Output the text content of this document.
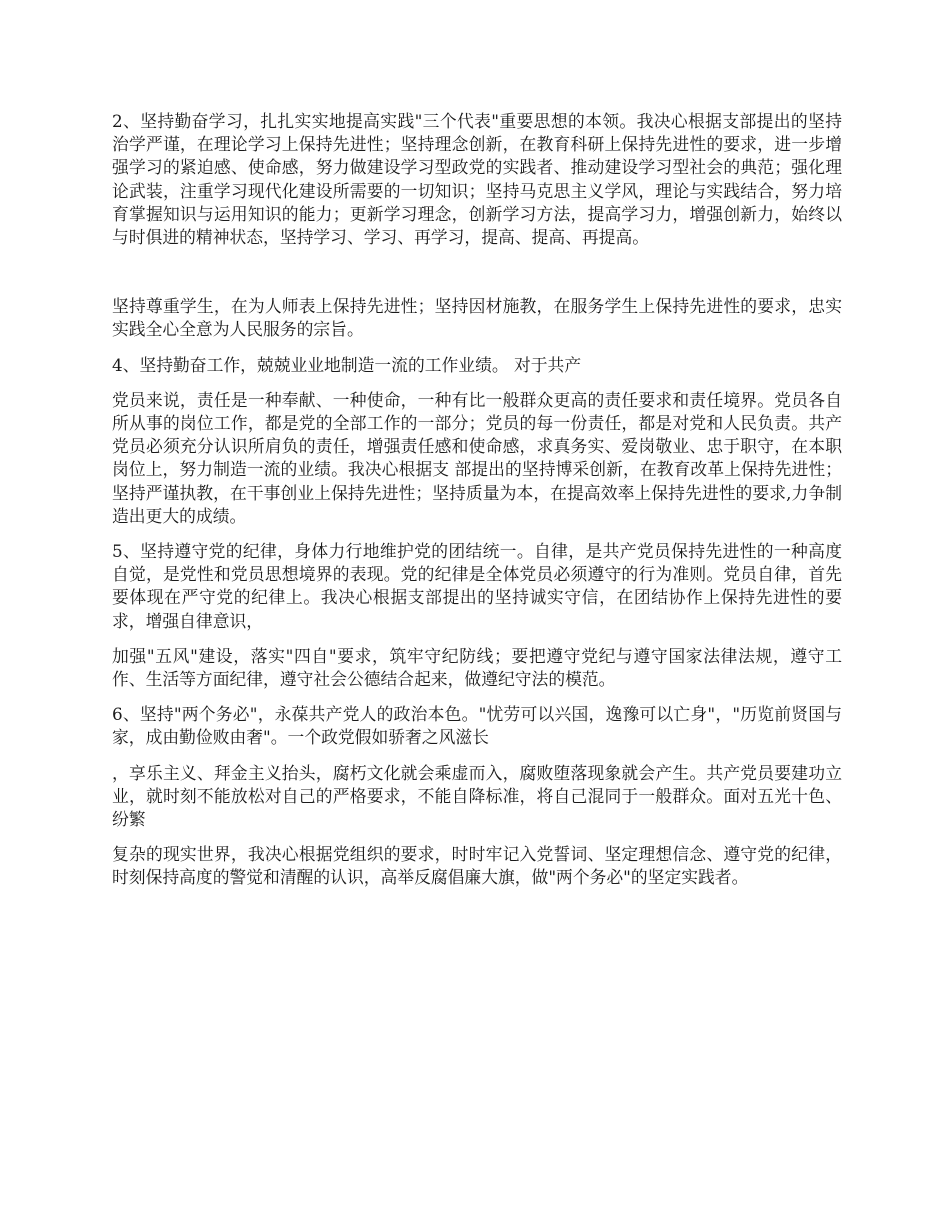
2、坚持勤奋学习，扎扎实实地提高实践"三个代表"重要思想的本领。我决心根据支部提出的坚持治学严谨，在理论学习上保持先进性；坚持理念创新，在教育科研上保持先进性的要求，进一步增强学习的紧迫感、使命感，努力做建设学习型政党的实践者、推动建设学习型社会的典范；强化理论武装，注重学习现代化建设所需要的一切知识；坚持马克思主义学风，理论与实践结合，努力培育掌握知识与运用知识的能力；更新学习理念，创新学习方法，提高学习力，增强创新力，始终以与时俱进的精神状态，坚持学习、学习、再学习，提高、提高、再提高。

坚持尊重学生，在为人师表上保持先进性；坚持因材施教，在服务学生上保持先进性的要求，忠实实践全心全意为人民服务的宗旨。

4、坚持勤奋工作，兢兢业业地制造一流的工作业绩。 对于共产

党员来说，责任是一种奉献、一种使命，一种有比一般群众更高的责任要求和责任境界。党员各自所从事的岗位工作，都是党的全部工作的一部分；党员的每一份责任，都是对党和人民负责。共产党员必须充分认识所肩负的责任，增强责任感和使命感，求真务实、爱岗敬业、忠于职守，在本职岗位上，努力制造一流的业绩。我决心根据支 部提出的坚持博采创新，在教育改革上保持先进性；坚持严谨执教，在干事创业上保持先进性；坚持质量为本，在提高效率上保持先进性的要求,力争制造出更大的成绩。

5、坚持遵守党的纪律，身体力行地维护党的团结统一。自律，是共产党员保持先进性的一种高度自觉，是党性和党员思想境界的表现。党的纪律是全体党员必须遵守的行为准则。党员自律，首先要体现在严守党的纪律上。我决心根据支部提出的坚持诚实守信，在团结协作上保持先进性的要求，增强自律意识，

加强"五风"建设，落实"四自"要求，筑牢守纪防线；要把遵守党纪与遵守国家法律法规，遵守工作、生活等方面纪律，遵守社会公德结合起来，做遵纪守法的模范。

6、坚持"两个务必"，永葆共产党人的政治本色。"忧劳可以兴国，逸豫可以亡身"，"历览前贤国与家，成由勤俭败由奢"。一个政党假如骄奢之风滋长

，享乐主义、拜金主义抬头，腐朽文化就会乘虚而入，腐败堕落现象就会产生。共产党员要建功立业，就时刻不能放松对自己的严格要求，不能自降标准，将自己混同于一般群众。面对五光十色、纷繁

复杂的现实世界，我决心根据党组织的要求，时时牢记入党誓词、坚定理想信念、遵守党的纪律，时刻保持高度的警觉和清醒的认识，高举反腐倡廉大旗，做"两个务必"的坚定实践者。
